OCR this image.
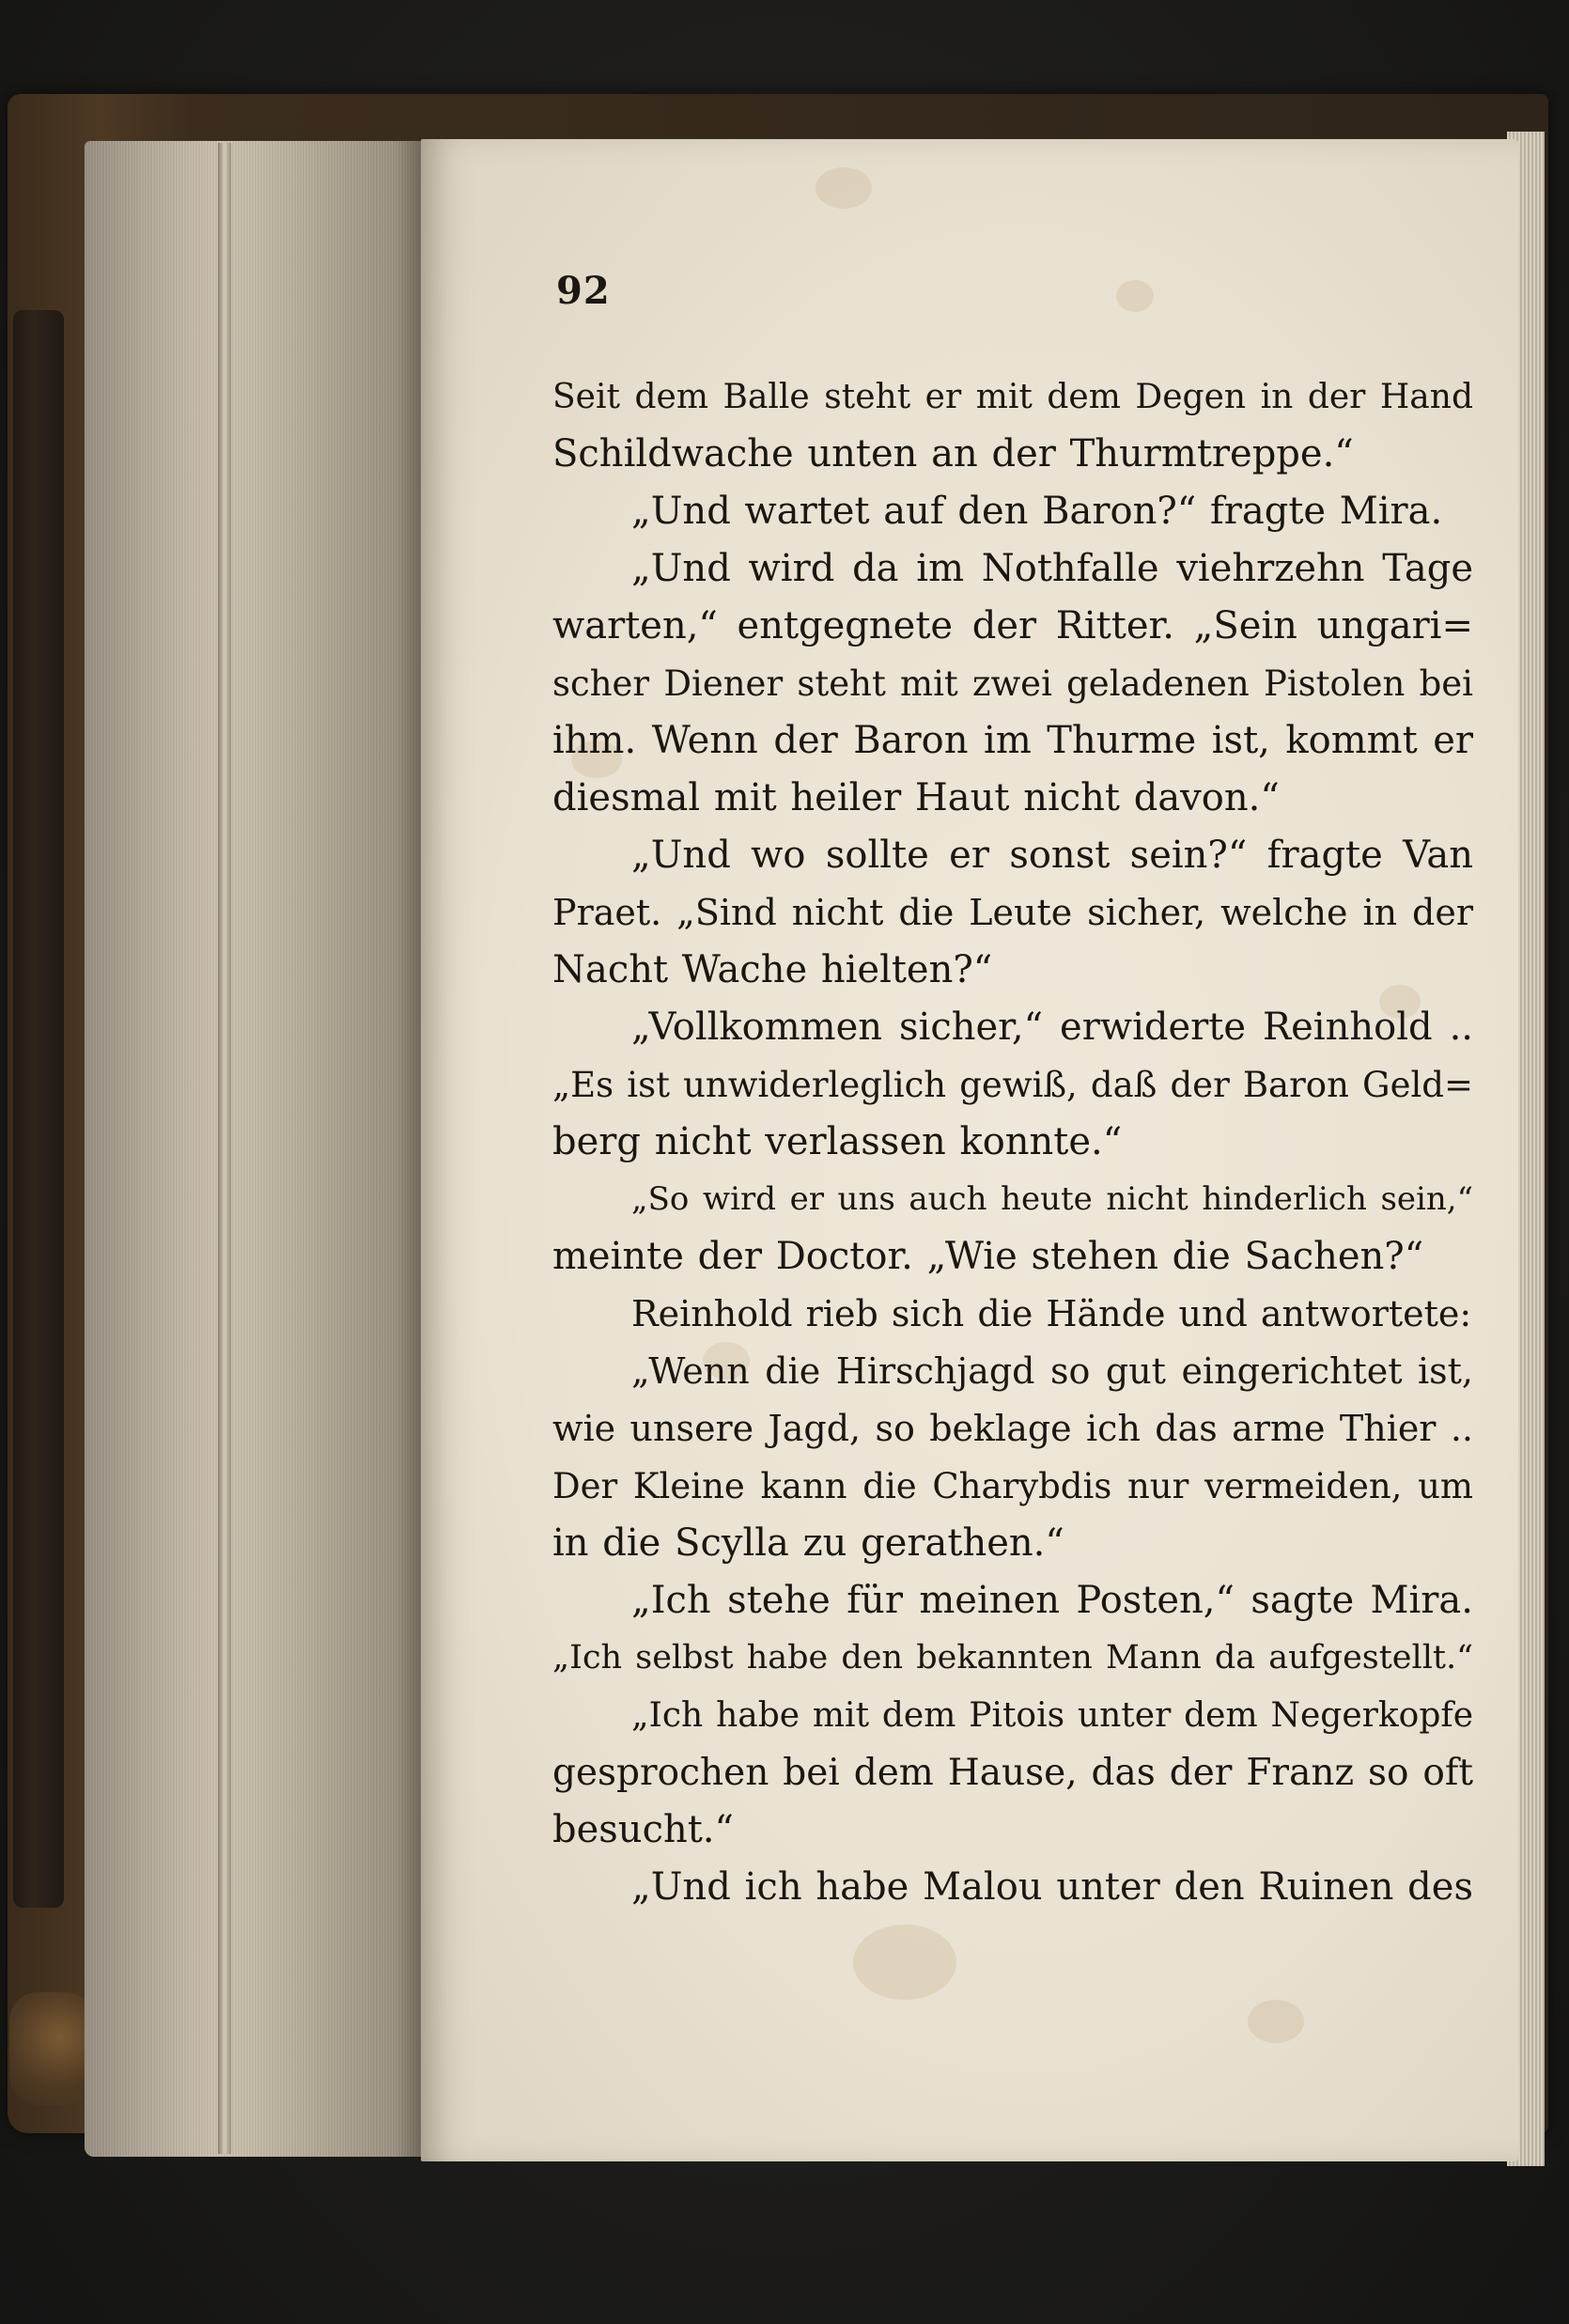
92
Seit dem Balle steht er mit dem Degen in der Hand
Schildwache unten an der Thurmtreppe.“
„Und wartet auf den Baron?“ fragte Mira.
„Und wird da im Nothfalle viehrzehn Tage
warten,“ entgegnete der Ritter. „Sein ungari=
scher Diener steht mit zwei geladenen Pistolen bei
ihm. Wenn der Baron im Thurme ist, kommt er
diesmal mit heiler Haut nicht davon.“
„Und wo sollte er sonst sein?“ fragte Van
Praet. „Sind nicht die Leute sicher, welche in der
Nacht Wache hielten?“
„Vollkommen sicher,“ erwiderte Reinhold ..
„Es ist unwiderleglich gewiß, daß der Baron Geld=
berg nicht verlassen konnte.“
„So wird er uns auch heute nicht hinderlich sein,“
meinte der Doctor. „Wie stehen die Sachen?“
Reinhold rieb sich die Hände und antwortete:
„Wenn die Hirschjagd so gut eingerichtet ist,
wie unsere Jagd, so beklage ich das arme Thier ..
Der Kleine kann die Charybdis nur vermeiden, um
in die Scylla zu gerathen.“
„Ich stehe für meinen Posten,“ sagte Mira.
„Ich selbst habe den bekannten Mann da aufgestellt.“
„Ich habe mit dem Pitois unter dem Negerkopfe
gesprochen bei dem Hause, das der Franz so oft
besucht.“
„Und ich habe Malou unter den Ruinen des
